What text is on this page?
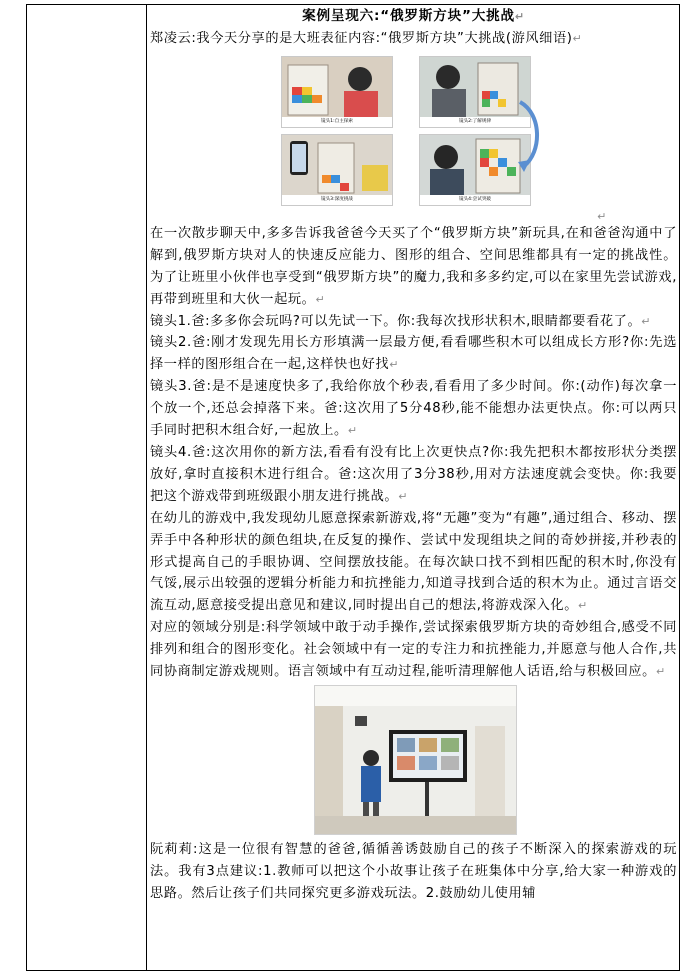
案例呈现六:“俄罗斯方块”大挑战↵

郑凌云:我今天分享的是大班表征内容:“俄罗斯方块”大挑战(游风细语)↵

镜头1:自主探索	镜头2:了解规律
镜头3:深度挑战	镜头4:尝试突破
↵

在一次散步聊天中,多多告诉我爸爸今天买了个“俄罗斯方块”新玩具,在和爸爸沟通中了解到,俄罗斯方块对人的快速反应能力、图形的组合、空间思维都具有一定的挑战性。为了让班里小伙伴也享受到“俄罗斯方块”的魔力,我和多多约定,可以在家里先尝试游戏,再带到班里和大伙一起玩。↵

镜头1.爸:多多你会玩吗?可以先试一下。你:我每次找形状积木,眼睛都要看花了。↵

镜头2.爸:刚才发现先用长方形填满一层最方便,看看哪些积木可以组成长方形?你:先选择一样的图形组合在一起,这样快也好找↵

镜头3.爸:是不是速度快多了,我给你放个秒表,看看用了多少时间。你:(动作)每次拿一个放一个,还总会掉落下来。爸:这次用了5分48秒,能不能想办法更快点。你:可以两只手同时把积木组合好,一起放上。↵

镜头4.爸:这次用你的新方法,看看有没有比上次更快点?你:我先把积木都按形状分类摆放好,拿时直接积木进行组合。爸:这次用了3分38秒,用对方法速度就会变快。你:我要把这个游戏带到班级跟小朋友进行挑战。↵

在幼儿的游戏中,我发现幼儿愿意探索新游戏,将“无趣”变为“有趣”,通过组合、移动、摆弄手中各种形状的颜色组块,在反复的操作、尝试中发现组块之间的奇妙拼接,并秒表的形式提高自己的手眼协调、空间摆放技能。在每次缺口找不到相匹配的积木时,你没有气馁,展示出较强的逻辑分析能力和抗挫能力,知道寻找到合适的积木为止。通过言语交流互动,愿意接受提出意见和建议,同时提出自己的想法,将游戏深入化。↵

对应的领域分别是:科学领域中敢于动手操作,尝试探索俄罗斯方块的奇妙组合,感受不同排列和组合的图形变化。社会领域中有一定的专注力和抗挫能力,并愿意与他人合作,共同协商制定游戏规则。语言领域中有互动过程,能听清理解他人话语,给与积极回应。↵

阮莉莉:这是一位很有智慧的爸爸,循循善诱鼓励自己的孩子不断深入的探索游戏的玩法。我有3点建议:1.教师可以把这个小故事让孩子在班集体中分享,给大家一种游戏的思路。然后让孩子们共同探究更多游戏玩法。2.鼓励幼儿使用辅
